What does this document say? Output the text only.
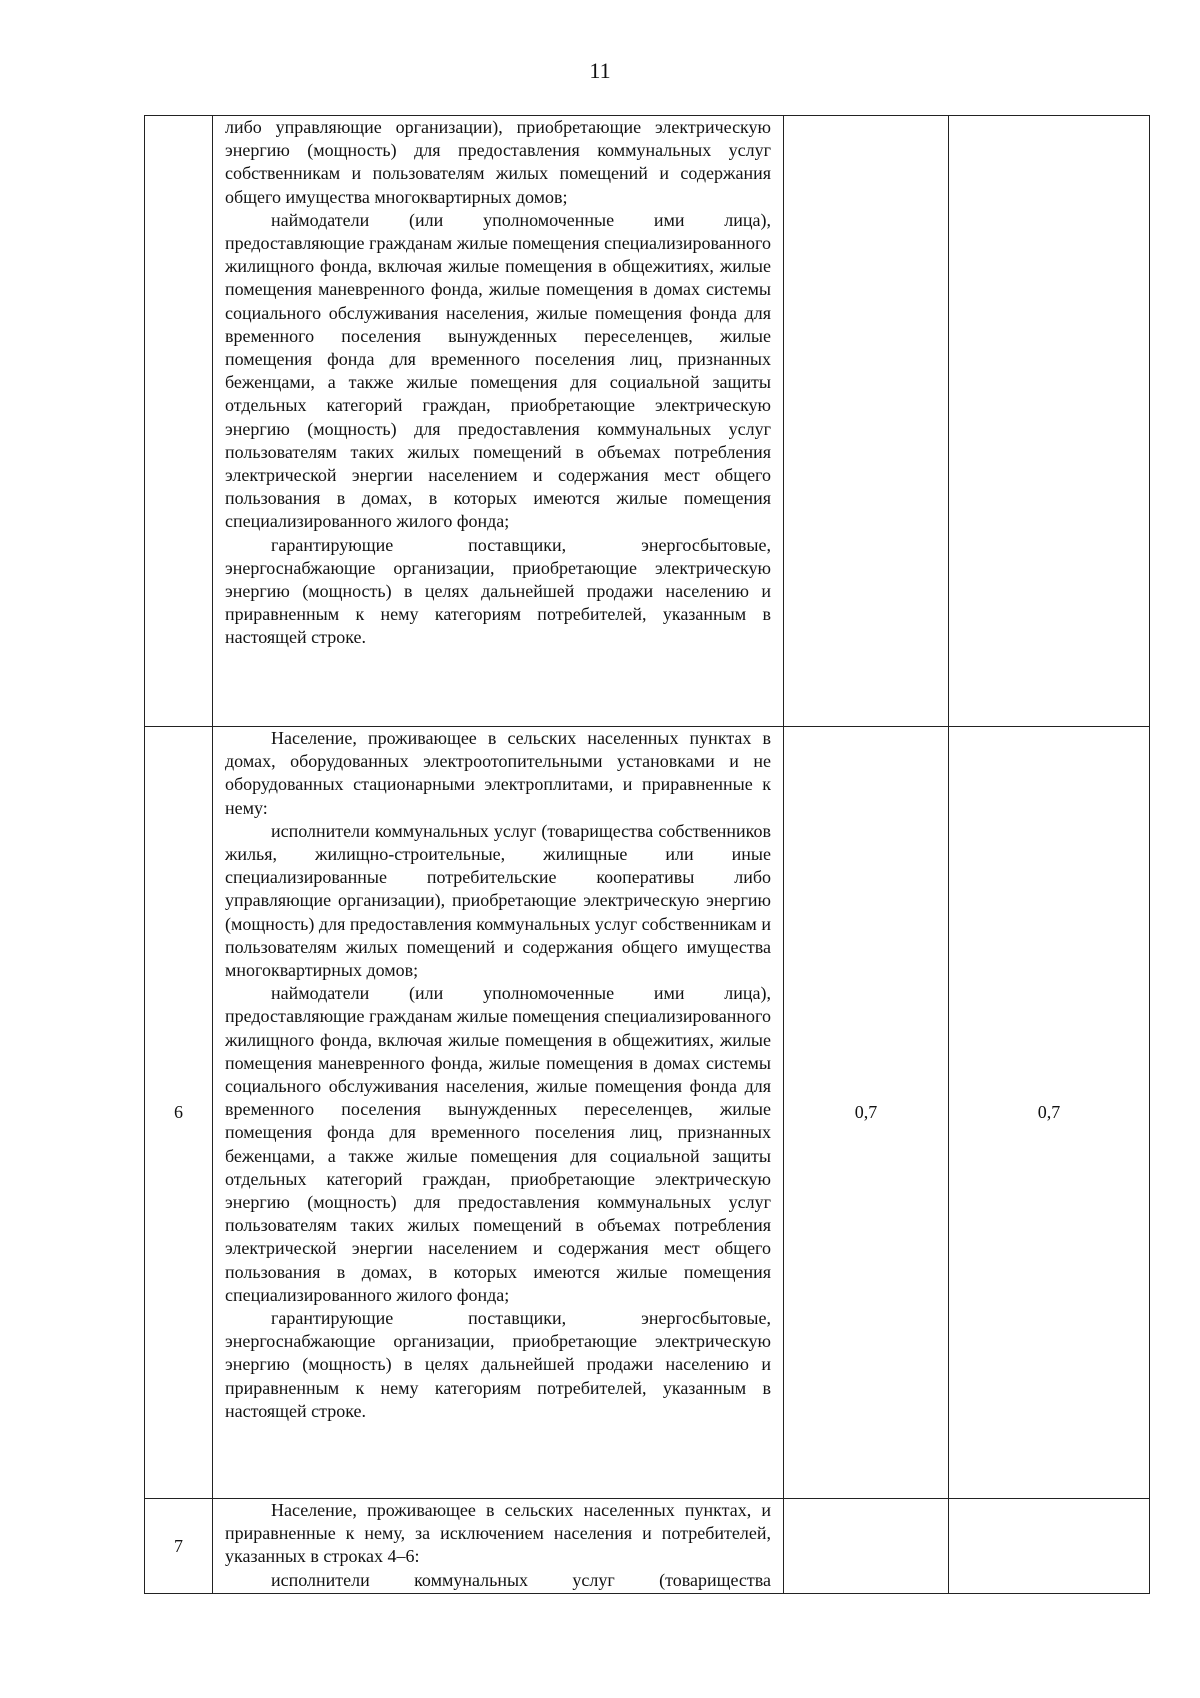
11

	либо управляющие организации), приобретающие электрическую энергию (мощность) для предоставления коммунальных услуг собственникам и пользователям жилых помещений и содержания общего имущества многоквартирных домов;

наймодатели (или уполномоченные ими лица), предоставляющие гражданам жилые помещения специализированного жилищного фонда, включая жилые помещения в общежитиях, жилые помещения маневренного фонда, жилые помещения в домах системы социального обслуживания населения, жилые помещения фонда для временного поселения вынужденных переселенцев, жилые помещения фонда для временного поселения лиц, признанных беженцами, а также жилые помещения для социальной защиты отдельных категорий граждан, приобретающие электрическую энергию (мощность) для предоставления коммунальных услуг пользователям таких жилых помещений в объемах потребления электрической энергии населением и содержания мест общего пользования в домах, в которых имеются жилые помещения специализированного жилого фонда;

гарантирующие поставщики, энергосбытовые, энергоснабжающие организации, приобретающие электрическую энергию (мощность) в целях дальнейшей продажи населению и приравненным к нему категориям потребителей, указанным в настоящей строке.		

6	Население, проживающее в сельских населенных пунктах в домах, оборудованных электроотопительными установками и не оборудованных стационарными электроплитами, и приравненные к нему:

исполнители коммунальных услуг (товарищества собственников жилья, жилищно-строительные, жилищные или иные специализированные потребительские кооперативы либо управляющие организации), приобретающие электрическую энергию (мощность) для предоставления коммунальных услуг собственникам и пользователям жилых помещений и содержания общего имущества многоквартирных домов;

наймодатели (или уполномоченные ими лица), предоставляющие гражданам жилые помещения специализированного жилищного фонда, включая жилые помещения в общежитиях, жилые помещения маневренного фонда, жилые помещения в домах системы социального обслуживания населения, жилые помещения фонда для временного поселения вынужденных переселенцев, жилые помещения фонда для временного поселения лиц, признанных беженцами, а также жилые помещения для социальной защиты отдельных категорий граждан, приобретающие электрическую энергию (мощность) для предоставления коммунальных услуг пользователям таких жилых помещений в объемах потребления электрической энергии населением и содержания мест общего пользования в домах, в которых имеются жилые помещения специализированного жилого фонда;

гарантирующие поставщики, энергосбытовые, энергоснабжающие организации, приобретающие электрическую энергию (мощность) в целях дальнейшей продажи населению и приравненным к нему категориям потребителей, указанным в настоящей строке.	0,7	0,7
7	Население, проживающее в сельских населенных пунктах, и приравненные к нему, за исключением населения и потребителей, указанных в строках 4–6:

исполнители коммунальных услуг (товарищества		
